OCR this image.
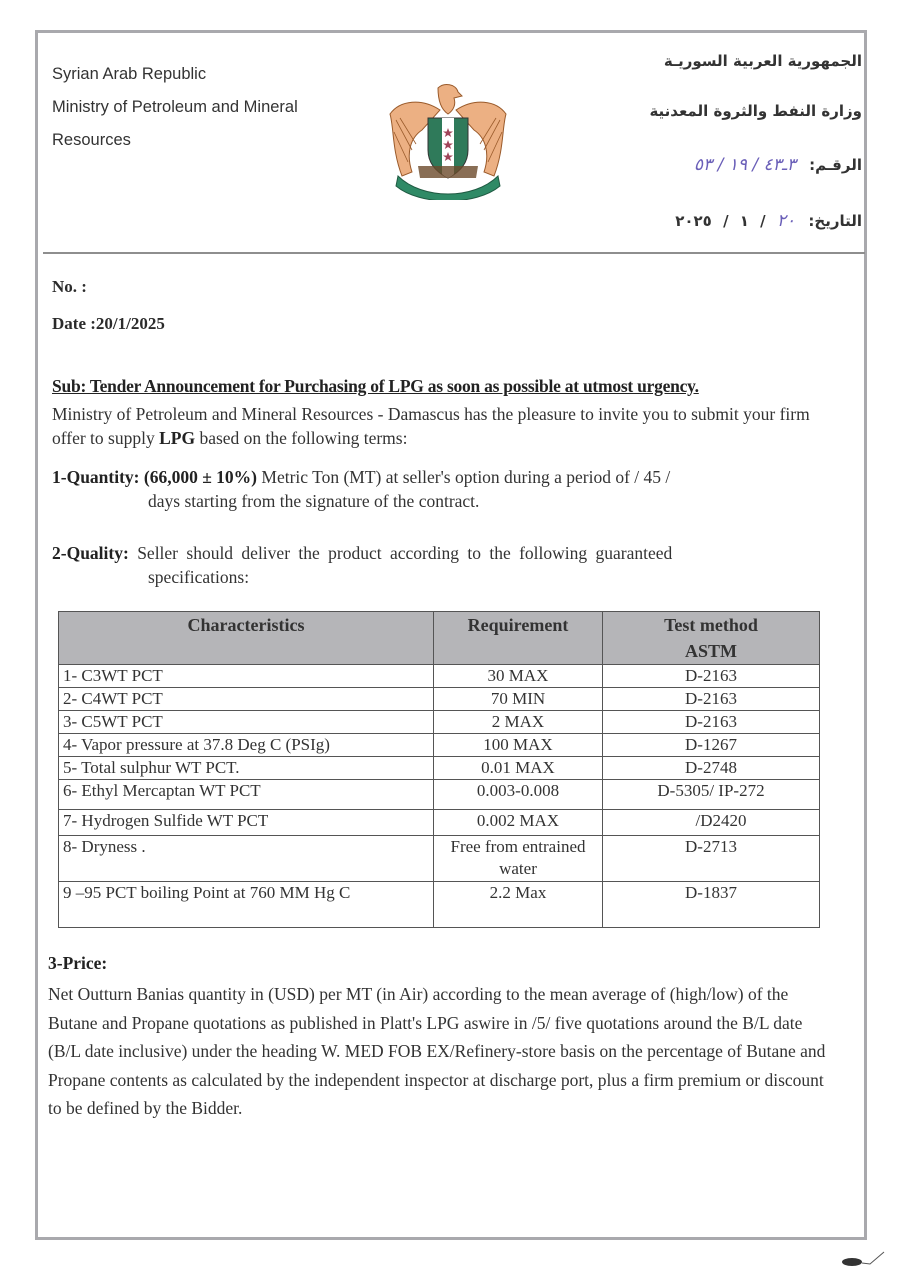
Syrian Arab Republic
Ministry of Petroleum and Mineral
Resources
الجمهورية العربية السوريـة
وزارة النفط والثروة المعدنية
الرقـم: ٣ـ٤٣ / ١٩ / ٥٣
التاريخ: ٢٠ / ١ / ٢٠٢٥
No. :
Date :20/1/2025
Sub: Tender Announcement for Purchasing of LPG as soon as possible at utmost urgency.
Ministry of Petroleum and Mineral Resources - Damascus has the pleasure to invite you to submit your firm offer to supply LPG based on the following terms:
1-Quantity: (66,000 ± 10%) Metric Ton (MT) at seller's option during a period of / 45 /
days starting from the signature of the contract.
2-Quality: Seller should deliver the product according to the following guaranteed
specifications:
Characteristics	Requirement	Test method
ASTM

1- C3WT PCT	30 MAX	D-2163
2- C4WT PCT	70 MIN	D-2163
3- C5WT PCT	2 MAX	D-2163
4- Vapor pressure at 37.8 Deg C (PSIg)	100 MAX	D-1267
5- Total sulphur WT PCT.	0.01 MAX	D-2748
6- Ethyl Mercaptan WT PCT	0.003-0.008	D-5305/ IP-272
7- Hydrogen Sulfide WT PCT	0.002 MAX	/D2420
8- Dryness .	Free from entrained water	D-2713
9 –95 PCT boiling Point at 760 MM Hg C	2.2 Max	D-1837
3-Price:
Net Outturn Banias quantity in (USD) per MT (in Air) according to the mean average of (high/low) of the Butane and Propane quotations as published in Platt's LPG aswire in /5/ five quotations around the B/L date (B/L date inclusive) under the heading W. MED FOB EX/Refinery-store basis on the percentage of Butane and Propane contents as calculated by the independent inspector at discharge port, plus a firm premium or discount to be defined by the Bidder.
